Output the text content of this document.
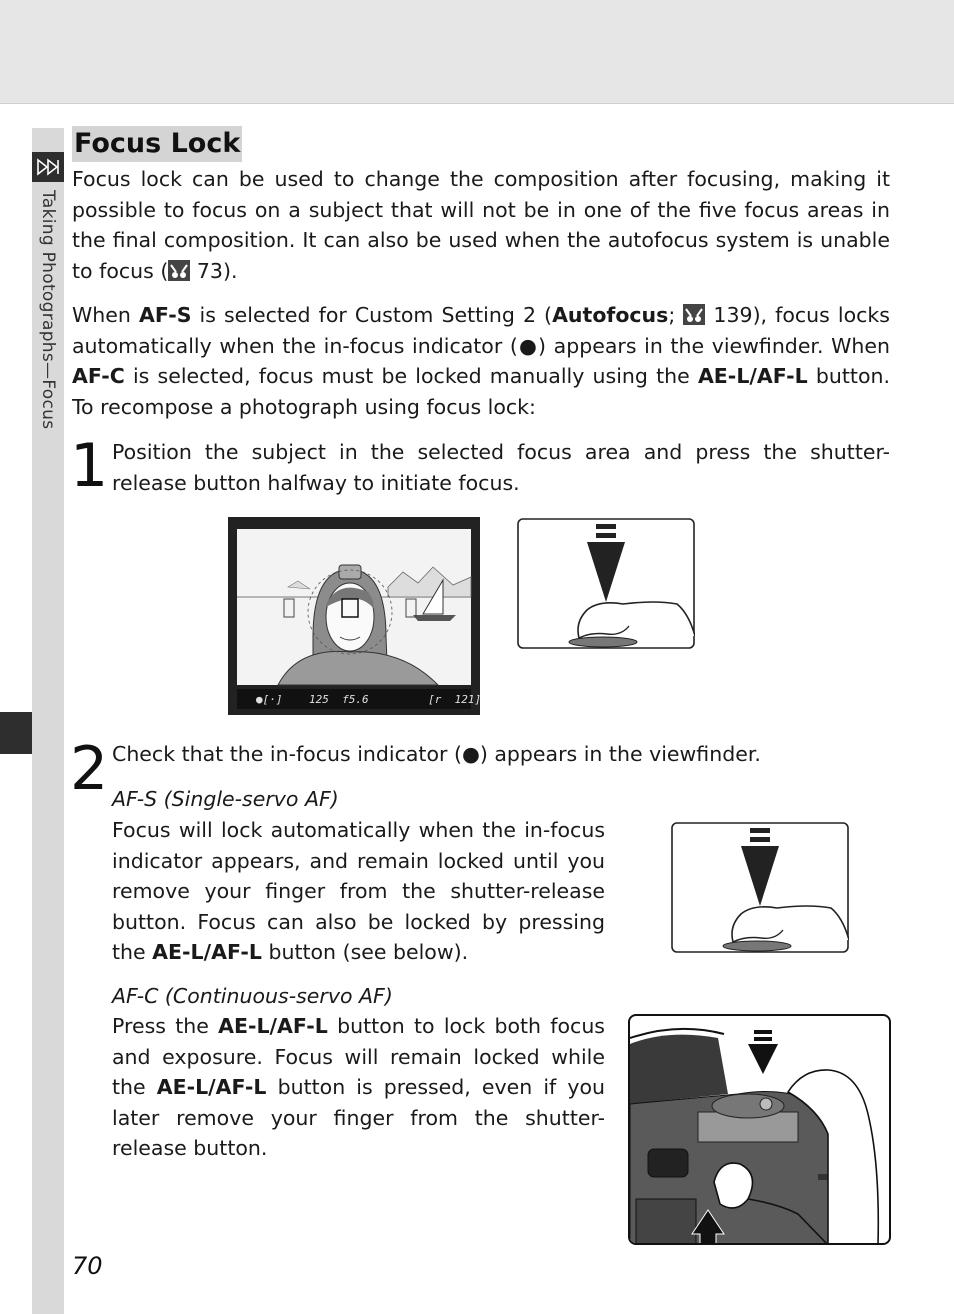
Taking Photographs—Focus
Focus Lock

Focus lock can be used to change the composition after focusing, making it possible to focus on a subject that will not be in one of the five focus areas in the final composition. It can also be used when the autofocus system is unable to focus ( 73).

When AF-S is selected for Custom Setting 2 (Autofocus;  139), focus locks automatically when the in-focus indicator (●) appears in the viewfinder. When AF-C is selected, focus must be locked manually using the AE-L/AF-L button. To recompose a photograph using focus lock:

1 Position the subject in the selected focus area and press the shutter-release button halfway to initiate focus.

●[·]    125  f5.6         [r  121]
2 Check that the in-focus indicator (●) appears in the viewfinder.

AF-S (Single-servo AF)

Focus will lock automatically when the in-focus indicator appears, and remain locked until you remove your finger from the shutter-release button. Focus can also be locked by pressing the AE-L/AF-L button (see below).

AF-C (Continuous-servo AF)

Press the AE-L/AF-L button to lock both focus and exposure. Focus will remain locked while the AE-L/AF-L button is pressed, even if you later remove your finger from the shutter-release button.

70
